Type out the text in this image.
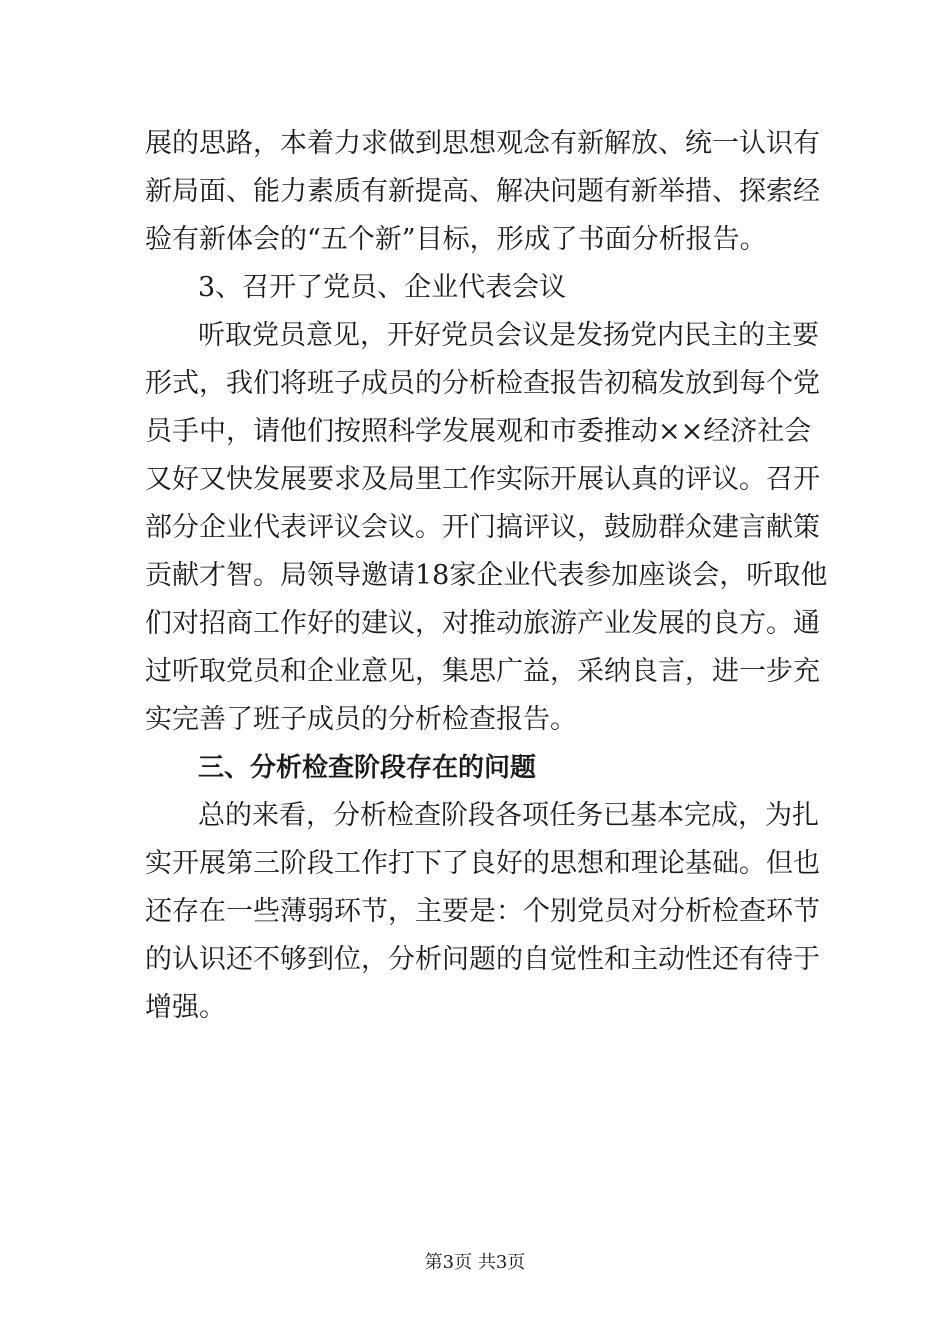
展的思路，本着力求做到思想观念有新解放、统一认识有
新局面、能力素质有新提高、解决问题有新举措、探索经
验有新体会的“五个新”目标，形成了书面分析报告。
3、召开了党员、企业代表会议
听取党员意见，开好党员会议是发扬党内民主的主要
形式，我们将班子成员的分析检查报告初稿发放到每个党
员手中，请他们按照科学发展观和市委推动××经济社会
又好又快发展要求及局里工作实际开展认真的评议。召开
部分企业代表评议会议。开门搞评议，鼓励群众建言献策
贡献才智。局领导邀请18家企业代表参加座谈会，听取他
们对招商工作好的建议，对推动旅游产业发展的良方。通
过听取党员和企业意见，集思广益，采纳良言，进一步充
实完善了班子成员的分析检查报告。
三、分析检查阶段存在的问题
总的来看，分析检查阶段各项任务已基本完成，为扎
实开展第三阶段工作打下了良好的思想和理论基础。但也
还存在一些薄弱环节，主要是：个别党员对分析检查环节
的认识还不够到位，分析问题的自觉性和主动性还有待于
增强。
第3页 共3页
